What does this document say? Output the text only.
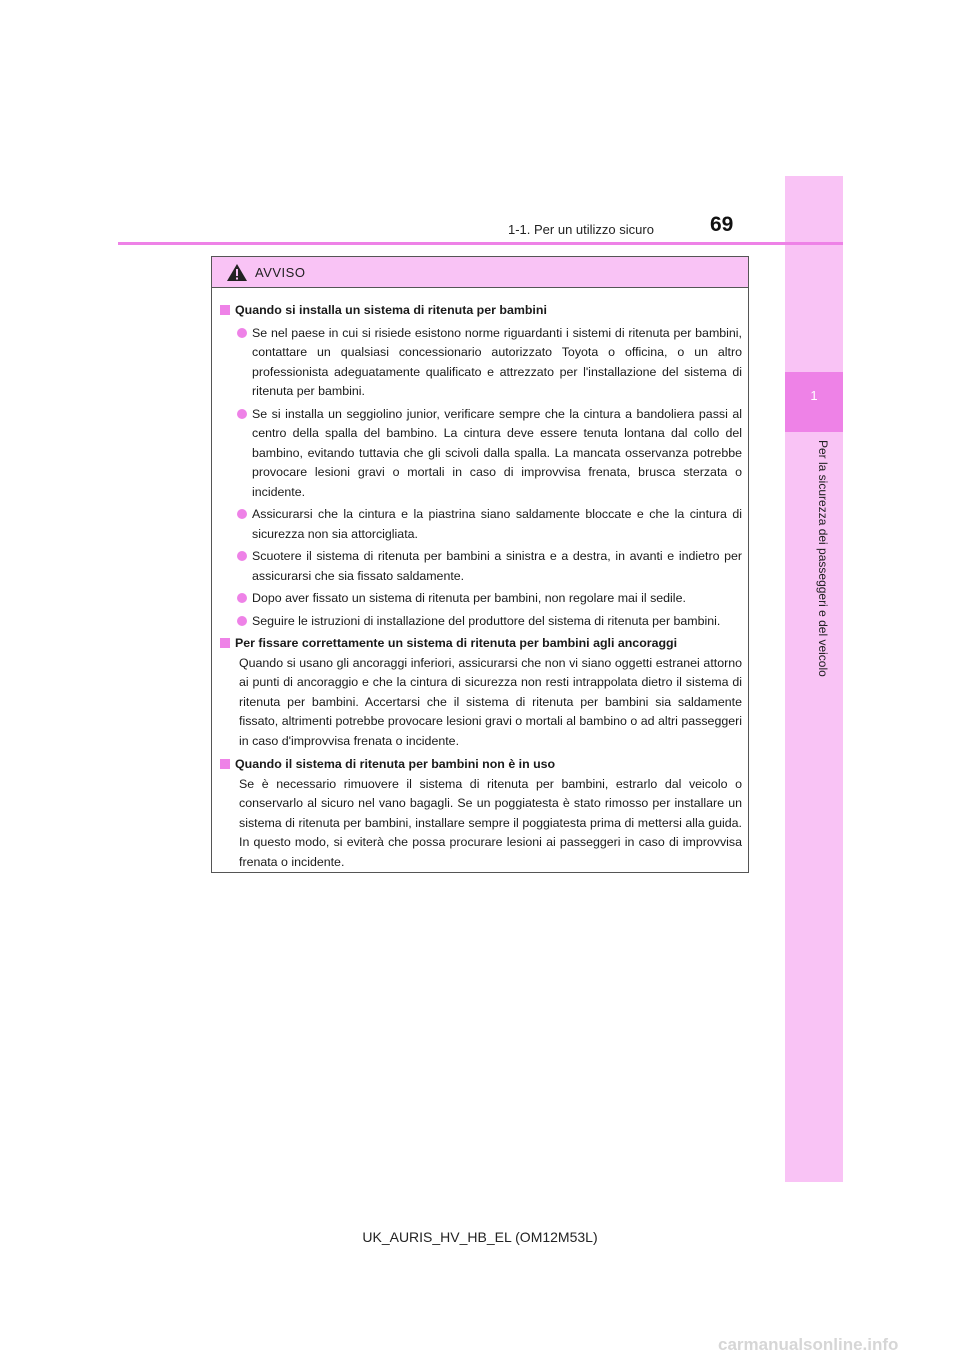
1
Per la sicurezza dei passeggeri e del veicolo
1-1. Per un utilizzo sicuro	69
AVVISO
Quando si installa un sistema di ritenuta per bambini
Se nel paese in cui si risiede esistono norme riguardanti i sistemi di ritenuta per bambini, contattare un qualsiasi concessionario autorizzato Toyota o officina, o un altro professionista adeguatamente qualificato e attrezzato per l'installazione del sistema di ritenuta per bambini.
Se si installa un seggiolino junior, verificare sempre che la cintura a bandoliera passi al centro della spalla del bambino. La cintura deve essere tenuta lontana dal collo del bambino, evitando tuttavia che gli scivoli dalla spalla. La mancata osservanza potrebbe provocare lesioni gravi o mortali in caso di improvvisa frenata, brusca sterzata o incidente.
Assicurarsi che la cintura e la piastrina siano saldamente bloccate e che la cintura di sicurezza non sia attorcigliata.
Scuotere il sistema di ritenuta per bambini a sinistra e a destra, in avanti e indietro per assicurarsi che sia fissato saldamente.
Dopo aver fissato un sistema di ritenuta per bambini, non regolare mai il sedile.
Seguire le istruzioni di installazione del produttore del sistema di ritenuta per bambini.
Per fissare correttamente un sistema di ritenuta per bambini agli ancoraggi
Quando si usano gli ancoraggi inferiori, assicurarsi che non vi siano oggetti estranei attorno ai punti di ancoraggio e che la cintura di sicurezza non resti intrappolata dietro il sistema di ritenuta per bambini. Accertarsi che il sistema di ritenuta per bambini sia saldamente fissato, altrimenti potrebbe provocare lesioni gravi o mortali al bambino o ad altri passeggeri in caso d'improvvisa frenata o incidente.
Quando il sistema di ritenuta per bambini non è in uso
Se è necessario rimuovere il sistema di ritenuta per bambini, estrarlo dal veicolo o conservarlo al sicuro nel vano bagagli. Se un poggiatesta è stato rimosso per installare un sistema di ritenuta per bambini, installare sempre il poggiatesta prima di mettersi alla guida. In questo modo, si eviterà che possa procurare lesioni ai passeggeri in caso di improvvisa frenata o incidente.
UK_AURIS_HV_HB_EL (OM12M53L)
carmanualsonline.info
